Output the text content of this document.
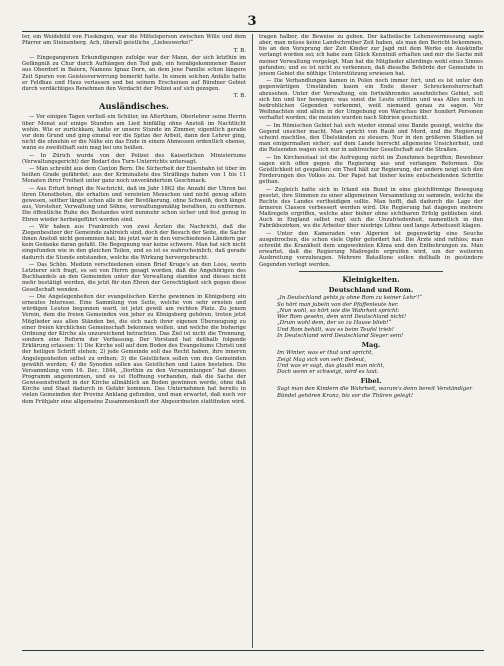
3

ter, ein Weidebild von Fisskingen, war die Mittelsperson zwischen Wille und dem Pfarrer am Steinenberg. Ach, überall geistliche „Liebeswerke!“

T. B.

— Eingegangenen Erkundigungen zufolge war der Mann, der sich letzthin im Gefängniß zu Chur durch Aufhängen den Tod gab, ein herabgekommener Bauer aus Oberdorf in Baiern, Namens Ignaz Dorn, an dem jene Familie schon längere Zeit Spuren von Geistesverwirrung bemerkt hatte. In einem solchen Anfalle hatte er Feldbau und Haus verlassen und bei seinem Erscheinen auf Bündner Gebiet durch verdächtiges Benehmen den Verdacht der Polizei auf sich gezogen.

T. B.
Ausländisches.

— Vor einigen Tagen verließ ein Schüler, im Alterthum, Oberlehrer seine Herrin über Monat auf einige Stunden am Lied hinfällig ohne Anstoß im Nachtlicht wohin. Wie er zurückkam, hatte er unsere Stunde im Zimmer, eigentlich gerade vor dem Grund und ging einmal vor die Spitze der Arbeit, dann den Lehrer ging, nicht die ohnehin er die Nähe ein das Ende in einem Abmessen ordentlich ebenso, wann es zweifelhaft sein mag bei uns heißen.

— In Zürich wurde von der Polizei des Kaiserlichen Ministeriums (Verwaltungsgericht) der Bedarf des Turn-Unterrichts untersagt.

— Man schreibt aus dem Canton Bern: Die Sicherheit der Eisenbahn ist über im heißen Grade gefährdet; aus der Kriminaliste des Sträflings haben von 1 bis 11 Monaten ihrer Freiheit unter ganz noch unverändertem Geschmack.

— Aus Erfurt bringt die Nachricht, daß im Jahr 1862 die Anzahl der Uhren bei ihren Dienstboten, die erhalten und vereinten Menschen und nicht genug allein gewesen, seither längst schon alle in der Bevölkerung, ohne Schweiß, doch längst aus, Vorsteher, Verwaltung und Söhne, verwaltungsmäßig berathen, zu entfernen. Die öffentliche Ruhe des Bestandes wird nunmehr schon sicher und fest genug in Ehren wieder herbeigeführt worden sind.

— Wir haben aus Frankreich von zwei Ärzten die Nachricht, daß die Ziegenbesitzer der Gemeinde zahlreich sind, doch der Besuch der Seite, die Sache ihnen Anstoß nicht genommen hat; bis jetzt war in den verschiedenen Ländern gar kein Gedanke daran gefaßt. Die Begegnung war keine schwere. Man hat sich nicht eingefunden wie in den gleichen Teilen, und so ist es wahrscheinlich, daß gerade dadurch die Stunde entstanden, welche die Wirkung hervorgebracht.

— Das Schön. Medizin verschiedenen einen Brief Kruge's an den Loos, worin Letzterer sich fragt, es sei von Herrn gesagt worden, daß die Angehörigen des Buchhandels an den Gemeinden unter der Verwaltung standen und dieses nicht mehr bestätigt werden, die jetzt für den Ehren der Gerechtigkeit sich gegen diese Gesellschaft wenden.

— Die Angelegenheiten der evangelischen Kirche gewinnen in Königsberg ein erneutes Interesse. Eine Sammlung von Seite, welche von sehr ernsten und würdigen Leuten begonnen ward, ist jetzt gewiß am rechten Platz. Zu jenem Verein, dem die freien Gemeinden von jeher zu Königsberg gehören, treten jetzt Mitglieder aus allen Ständen bei, die sich nach ihrer eigenen Überzeugung zu einer freien kirchlichen Gemeinschaft bekennen wollen, und welche die bisherige Ordnung der Kirche als unzureichend betrachten. Das Ziel ist nicht die Trennung, sondern eine Reform der Verfassung. Der Vorstand hat deßhalb folgende Erklärung erlassen: 1) Die Kirche soll auf dem Boden des Evangeliums Christi und der heiligen Schrift stehen; 2) jede Gemeinde soll das Recht haben, ihre inneren Angelegenheiten selbst zu ordnen; 3) die Geistlichen sollen von den Gemeinden gewählt werden; 4) die Synoden sollen aus Geistlichen und Laien bestehen. Die Versammlung vom 16. Dec. 1844, „Dorthin zu den Versammlungen“ hat dieses Programm angenommen, und es ist Hoffnung vorhanden, daß die Sache der Gewissensfreiheit in der Kirche allmählich an Boden gewinnen werde, ohne daß Kirche und Staat dadurch in Gefahr kommen. Das Unternehmen hat bereits in vielen Gemeinden der Provinz Anklang gefunden, und man erwartet, daß noch vor dem Frühjahr eine allgemeine Zusammenkunft der Abgeordneten stattfinden wird.

tragen halber, die Beweise zu geben. Der katholische Lehensvermessung sagte aber, man müsse keine Landschreiber Zeit haben, als man den Bericht bekommen, bis an den Vorsprung der Zeit Kinder zur Jagd mit dem Werke ein Auskünfte verlangt worden sei; ich habe zum Glück Kenntniß erhalten und mir die Sache mit meiner Verwaltung vorgelegt. Man hat die Mitglieder allerdings wohl eines Sinnes gefunden; und es ist nicht zu verkennen, daß dieselbe Behörde der Gemeinde in jenem Gebiet die nöthige Unterstützung erwiesen hat.

— Die Verhandlungen kamen in Polen noch immer fort, und es ist unter den gegenwärtigen Umständen kaum ein Ende dieser Schreckensherrschaft abzusehen. Unter der Verwaltung, ein fortwährendes ansehnliches Gebiet, soll sich hin und her bewegen; was sonst die Leute erlitten und was Alles noch in bedrohlichen Gegenden vorkommt, weiß niemand genau zu sagen. Vor Weihnachten sind allein in der Umgebung von Warschau über hundert Personen verhaftet worden; die meisten wurden nach Sibirien geschickt.

— Im Römischen Gebiet hat sich wieder einmal eine Bande gezeigt, welche die Gegend unsicher macht. Man spricht von Raub und Mord, und die Regierung scheint machtlos, den Übelständen zu steuern. Nur in den größeren Städten ist man einigermaßen sicher; auf dem Lande herrscht allgemeine Unsicherheit, und die Reisenden wagen sich nur in zahlreicher Gesellschaft auf die Straßen.

— Im Kirchenstaat ist die Aufregung nicht im Zunehmen begriffen; Bewohner sagen sich offen gegen die Regierung aus und verlangen Reformen. Die Geistlichkeit ist gespalten; ein Theil hält zur Regierung, der andere neigt sich den Forderungen des Volkes zu. Der Papst hat bisher keine entscheidenden Schritte gethan.

— Zugleich hatte sich in Irland ein Bund in eine gleichförmige Bewegung gesetzt, ihre Stimmen zu einer allgemeinen Versammlung zu sammeln, welche die Rechte des Landes vertheidigen sollte. Man hofft, daß dadurch die Lage der ärmeren Classen verbessert werden wird. Die Regierung hat dagegen mehrere Maßregeln ergriffen, welche aber bisher ohne sichtbaren Erfolg geblieben sind. Auch in England selbst regt sich die Unzufriedenheit, namentlich in den Fabrikbezirken, wo die Arbeiter über niedrige Löhne und lange Arbeitszeit klagen.

— Unter den Kameraden von Algerien ist gegenwärtig eine Seuche ausgebrochen, die schon viele Opfer gefordert hat. Die Ärzte sind rathlos; man schreibt die Krankheit dem ungewohnten Klima und den Entbehrungen zu. Man erwartet, daß die Regierung Maßregeln ergreifen wird, um der weiteren Ausbreitung vorzubeugen. Mehrere Bataillone sollen deßhalb in gesündere Gegenden verlegt werden.

Kleinigkeiten.
Deutschland und Rom.
„In Deutschland gehts ja ohne Rom zu keiner Lehr'!“
So hört man jubeln von der Pfaffenleute her.
„Nun wohl, so hört wie die Wahrheit spricht:
Wer Rom gesehn, dem wird Deutschland nicht!
„Drum wohl dem, der so zu Hause blieb!“
Und Rom behält, was es beim Teufel trieb!
In Deutschland wird Deutschland Sieger sein!
Mag.
Im Winter, was er thut und spricht,
Zeigt Mag sich von sehr Bedeut,
Und was er sagt, das glaubt man nicht,
Doch wenn er schweigt, wird es laut.
Fibel.
Sagt man den Kindern die Wahrheit, warum's denn bereit Verständiger
Bündel gehören Kranz, bis vor die Thüren gelegt!
